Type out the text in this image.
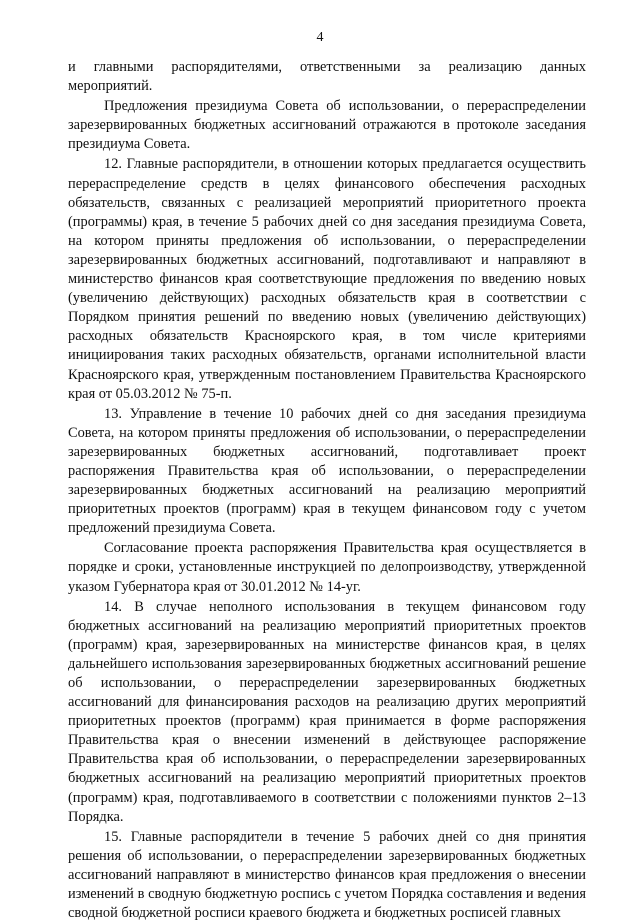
4

и главными распорядителями, ответственными за реализацию данных мероприятий.

Предложения президиума Совета об использовании, о перераспределении зарезервированных бюджетных ассигнований отражаются в протоколе заседания президиума Совета.

12. Главные распорядители, в отношении которых предлагается осуществить перераспределение средств в целях финансового обеспечения расходных обязательств, связанных с реализацией мероприятий приоритетного проекта (программы) края, в течение 5 рабочих дней со дня заседания президиума Совета, на котором приняты предложения об использовании, о перераспределении зарезервированных бюджетных ассигнований, подготавливают и направляют в министерство финансов края соответствующие предложения по введению новых (увеличению действующих) расходных обязательств края в соответствии с Порядком принятия решений по введению новых (увеличению действующих) расходных обязательств Красноярского края, в том числе критериями инициирования таких расходных обязательств, органами исполнительной власти Красноярского края, утвержденным постановлением Правительства Красноярского края от 05.03.2012 № 75-п.

13. Управление в течение 10 рабочих дней со дня заседания президиума Совета, на котором приняты предложения об использовании, о перераспределении зарезервированных бюджетных ассигнований, подготавливает проект распоряжения Правительства края об использовании, о перераспределении зарезервированных бюджетных ассигнований на реализацию мероприятий приоритетных проектов (программ) края в текущем финансовом году с учетом предложений президиума Совета.

Согласование проекта распоряжения Правительства края осуществляется в порядке и сроки, установленные инструкцией по делопроизводству, утвержденной указом Губернатора края от 30.01.2012 № 14-уг.

14. В случае неполного использования в текущем финансовом году бюджетных ассигнований на реализацию мероприятий приоритетных проектов (программ) края, зарезервированных на министерстве финансов края, в целях дальнейшего использования зарезервированных бюджетных ассигнований решение об использовании, о перераспределении зарезервированных бюджетных ассигнований для финансирования расходов на реализацию других мероприятий приоритетных проектов (программ) края принимается в форме распоряжения Правительства края о внесении изменений в действующее распоряжение Правительства края об использовании, о перераспределении зарезервированных бюджетных ассигнований на реализацию мероприятий приоритетных проектов (программ) края, подготавливаемого в соответствии с положениями пунктов 2–13 Порядка.

15. Главные распорядители в течение 5 рабочих дней со дня принятия решения об использовании, о перераспределении зарезервированных бюджетных ассигнований направляют в министерство финансов края предложения о внесении изменений в сводную бюджетную роспись с учетом Порядка составления и ведения сводной бюджетной росписи краевого бюджета и бюджетных росписей главных
